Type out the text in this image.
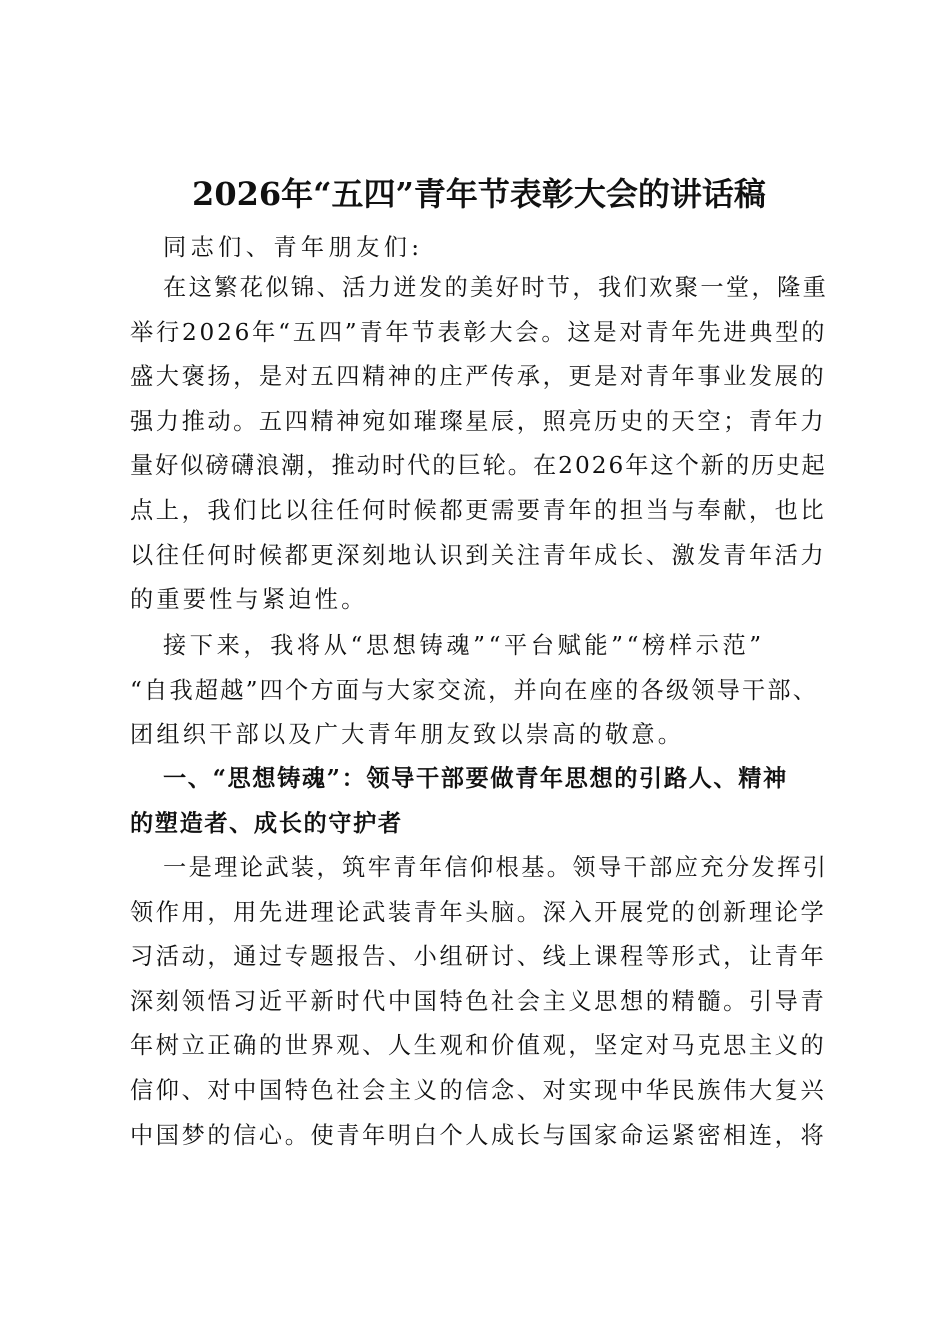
2026年“五四”青年节表彰大会的讲话稿
同志们、青年朋友们:
在这繁花似锦、活力迸发的美好时节，我们欢聚一堂，隆重
举行2026年“五四”青年节表彰大会。这是对青年先进典型的
盛大褒扬，是对五四精神的庄严传承，更是对青年事业发展的
强力推动。五四精神宛如璀璨星辰，照亮历史的天空；青年力
量好似磅礴浪潮，推动时代的巨轮。在2026年这个新的历史起
点上，我们比以往任何时候都更需要青年的担当与奉献，也比
以往任何时候都更深刻地认识到关注青年成长、激发青年活力
的重要性与紧迫性。
接下来，我将从“思想铸魂”“平台赋能”“榜样示范”
“自我超越”四个方面与大家交流，并向在座的各级领导干部、
团组织干部以及广大青年朋友致以崇高的敬意。
一、“思想铸魂”：领导干部要做青年思想的引路人、精神
的塑造者、成长的守护者
一是理论武装，筑牢青年信仰根基。领导干部应充分发挥引
领作用，用先进理论武装青年头脑。深入开展党的创新理论学
习活动，通过专题报告、小组研讨、线上课程等形式，让青年
深刻领悟习近平新时代中国特色社会主义思想的精髓。引导青
年树立正确的世界观、人生观和价值观，坚定对马克思主义的
信仰、对中国特色社会主义的信念、对实现中华民族伟大复兴
中国梦的信心。使青年明白个人成长与国家命运紧密相连，将
